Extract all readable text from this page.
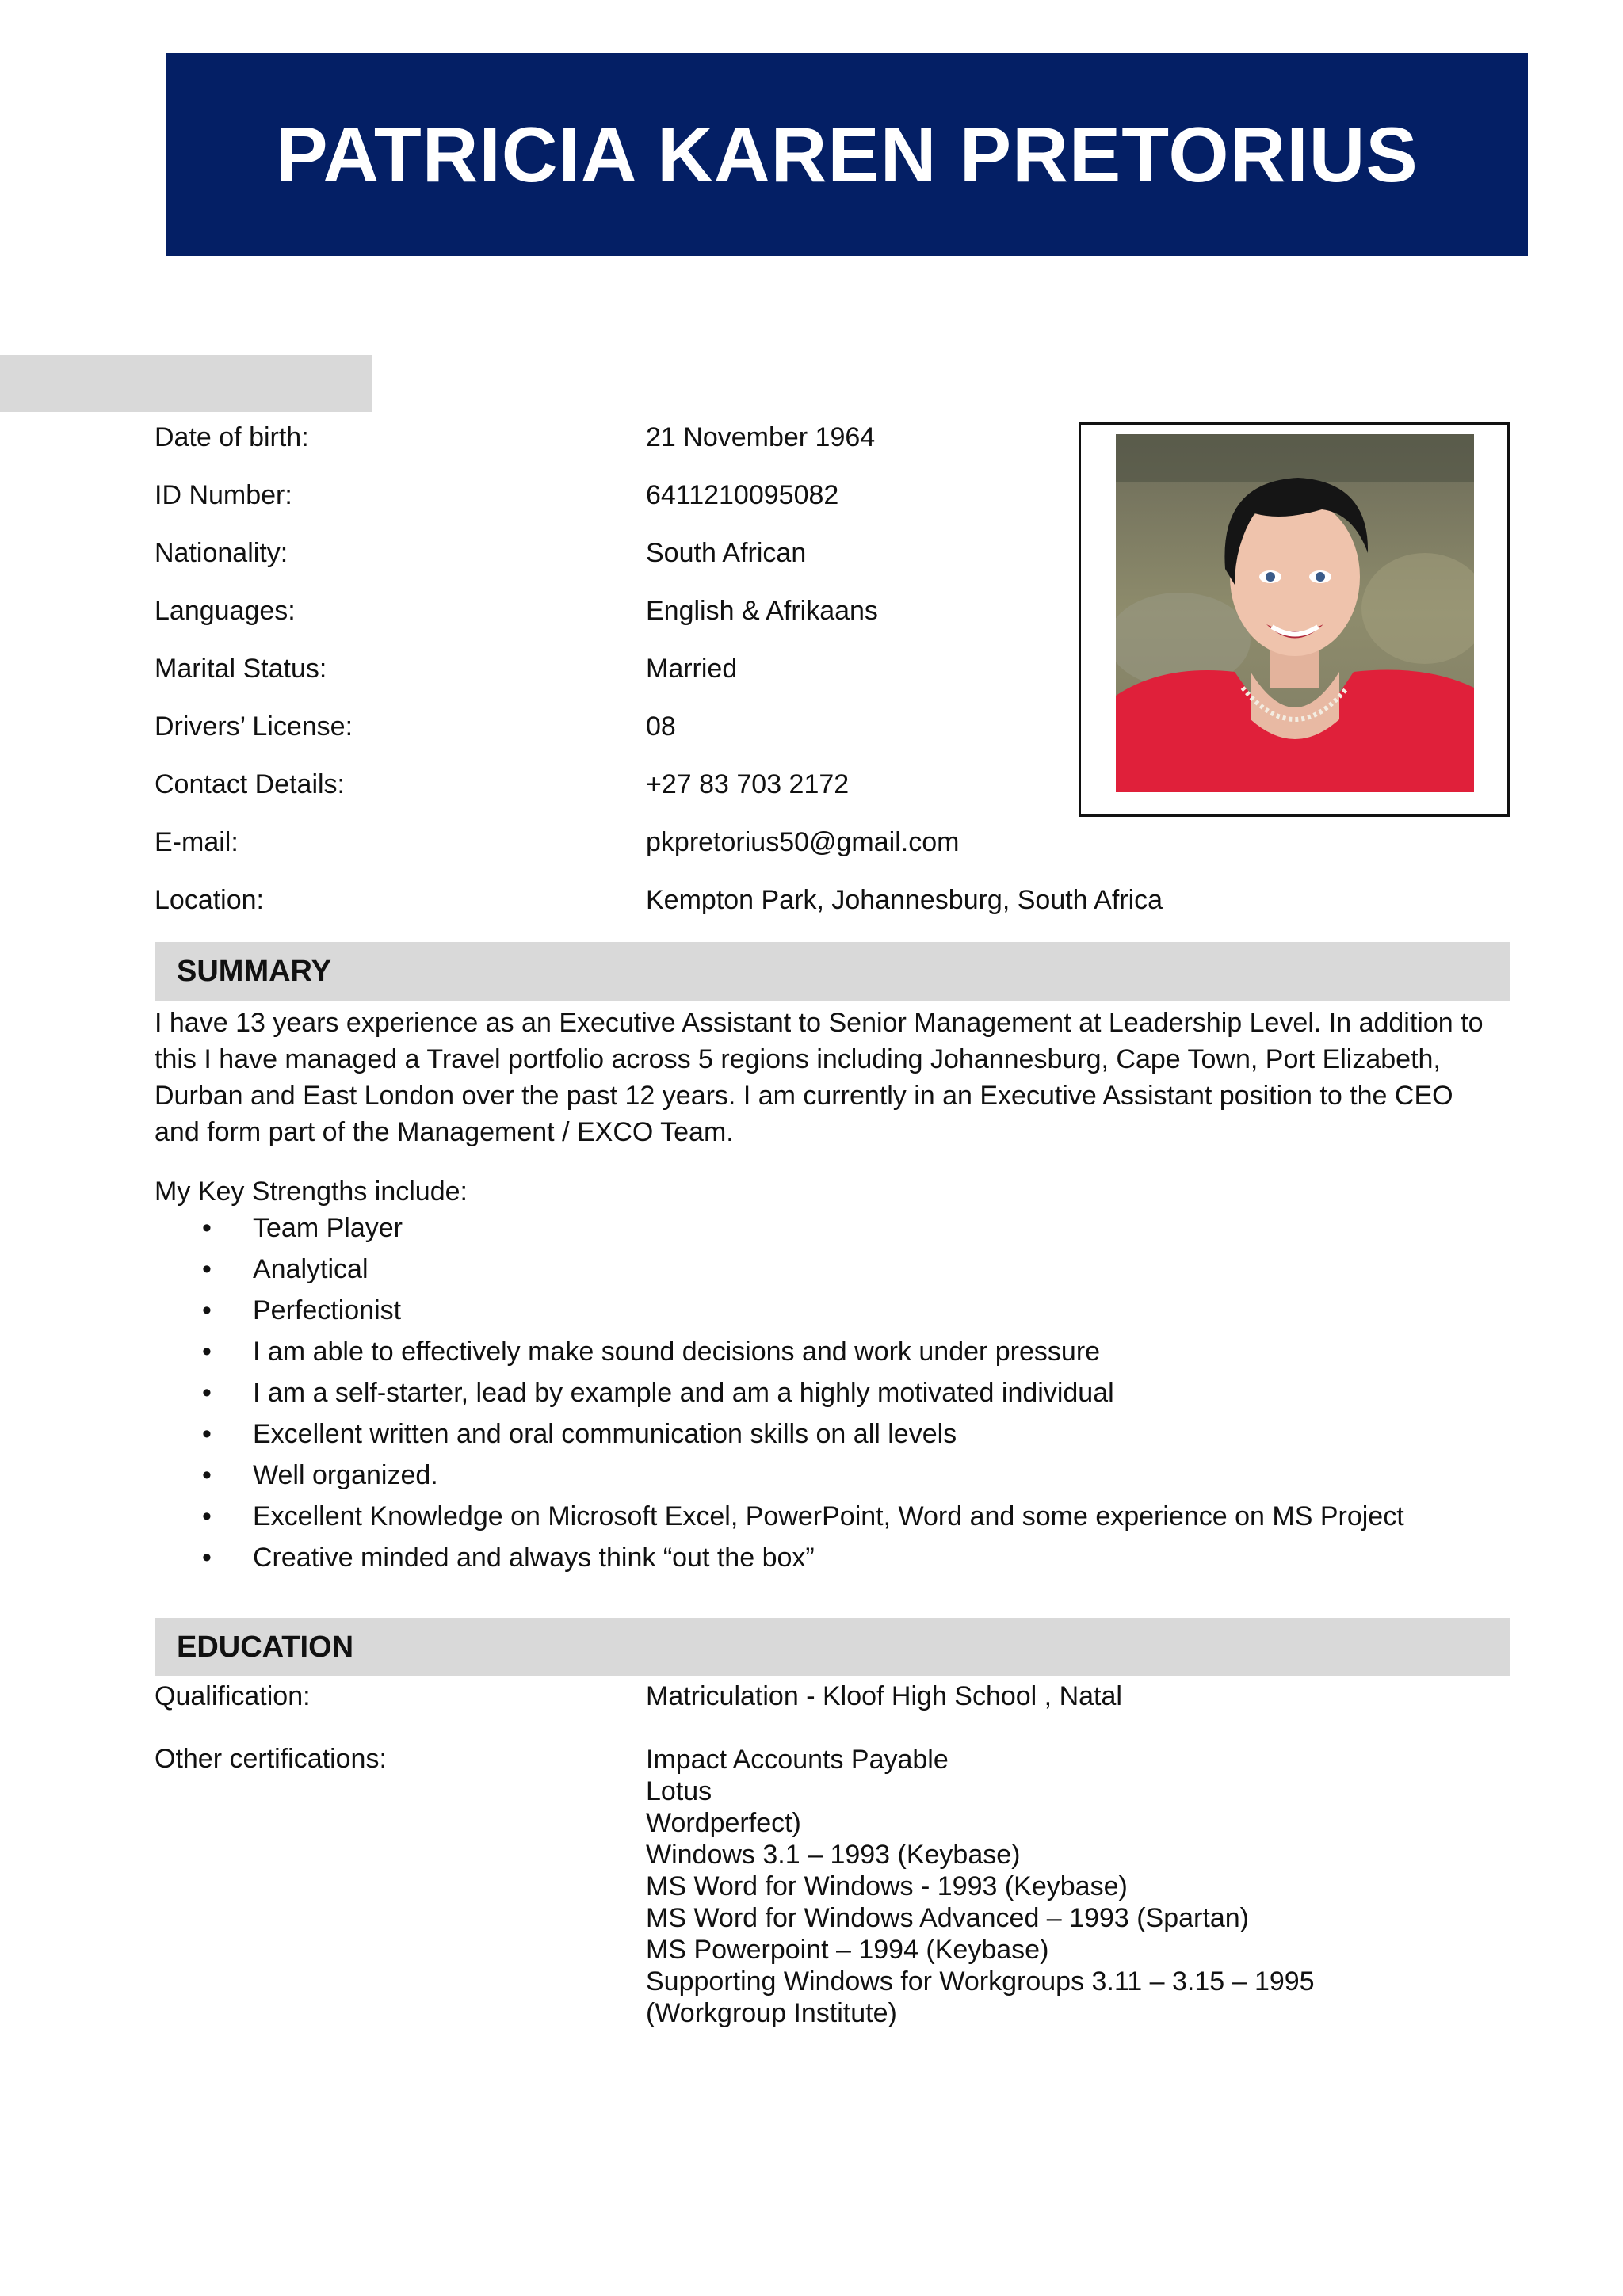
PATRICIA KAREN PRETORIUS
Date of birth:	21 November 1964
ID Number:	6411210095082
Nationality:	South African
Languages:	English & Afrikaans
Marital Status:	Married
Drivers’ License:	08
Contact Details:	+27 83 703 2172
E-mail:	pkpretorius50@gmail.com
Location:	Kempton Park, Johannesburg, South Africa
SUMMARY

I have 13 years experience as an Executive Assistant to Senior Management at Leadership Level. In addition to this I have managed a Travel portfolio across 5 regions including Johannesburg, Cape Town, Port Elizabeth, Durban and East London over the past 12 years. I am currently in an Executive Assistant position to the CEO and form part of the Management / EXCO Team.

My Key Strengths include:

• Team Player
• Analytical
• Perfectionist
• I am able to effectively make sound decisions and work under pressure
• I am a self-starter, lead by example and am a highly motivated individual
• Excellent written and oral communication skills on all levels
• Well organized.
• Excellent Knowledge on Microsoft Excel, PowerPoint, Word and some experience on MS Project
• Creative minded and always think “out the box”
EDUCATION
Qualification:	Matriculation - Kloof High School , Natal
Other certifications:	Impact Accounts Payable
Lotus
Wordperfect)
Windows 3.1 – 1993 (Keybase)
MS Word for Windows - 1993 (Keybase)
MS Word for Windows Advanced – 1993 (Spartan)
MS Powerpoint – 1994 (Keybase)
Supporting Windows for Workgroups 3.11 – 3.15 – 1995
(Workgroup Institute)
